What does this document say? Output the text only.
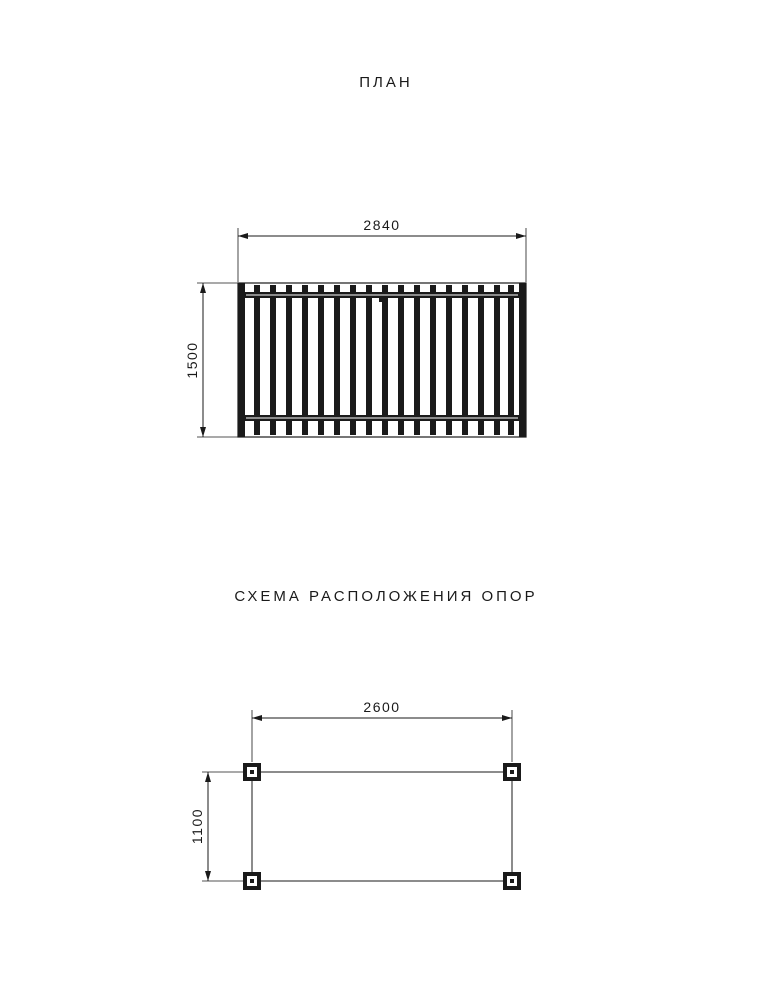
ПЛАН
СХЕМА РАСПОЛОЖЕНИЯ ОПОР
2840
1500
2600
1100
